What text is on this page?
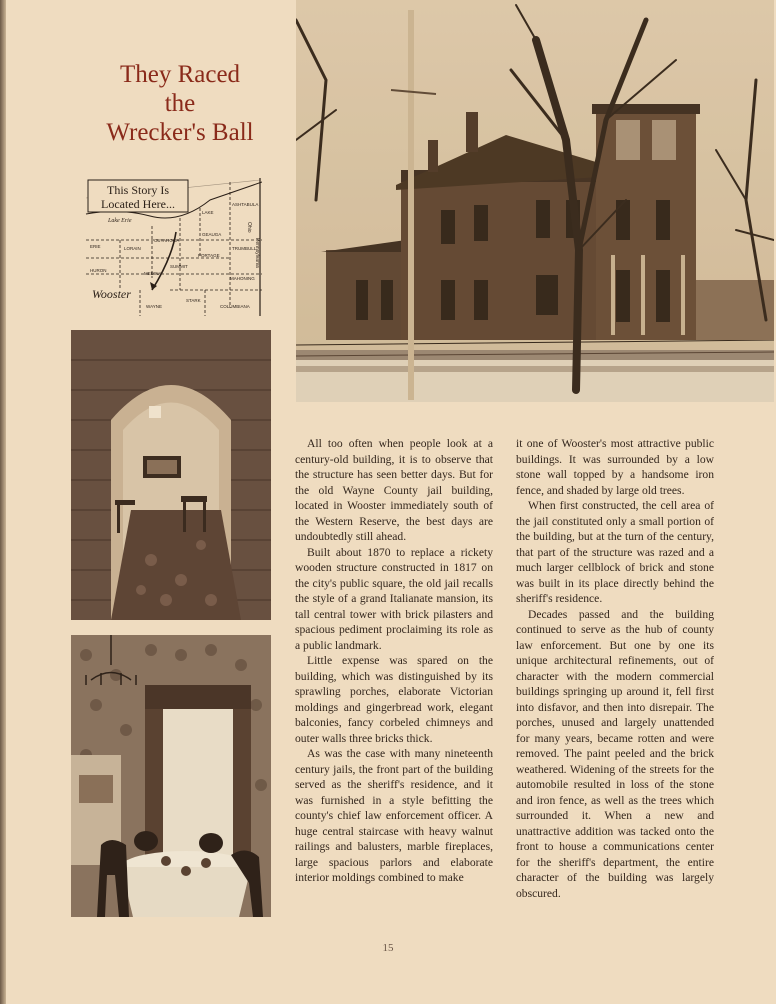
They Raced
the
Wrecker's Ball
This Story Is
Located Here...
Lake Erie
ASHTABULA
LAKE
GEAUGA
ERIE	LORAIN
CUYAHOGA
TRUMBULL
PORTAGE
HURON
MEDINA
SUMMIT
MAHONING
STARK
WAYNE	COLUMBIANA
Wooster
Pennsylvania
Ohio

All too often when people look at a century-old building, it is to observe that the structure has seen better days. But for the old Wayne County jail building, located in Wooster immediately south of the Western Reserve, the best days are undoubtedly still ahead.

Built about 1870 to replace a rickety wooden structure constructed in 1817 on the city's public square, the old jail recalls the style of a grand Italianate mansion, its tall central tower with brick pilasters and spacious pediment proclaiming its role as a public landmark.

Little expense was spared on the building, which was distinguished by its sprawling porches, elaborate Victorian moldings and gingerbread work, elegant balconies, fancy corbeled chimneys and outer walls three bricks thick.

As was the case with many nineteenth century jails, the front part of the building served as the sheriff's residence, and it was furnished in a style befitting the county's chief law enforcement officer. A huge central staircase with heavy walnut railings and balusters, marble fireplaces, large spacious parlors and elaborate interior moldings combined to make

it one of Wooster's most attractive public buildings. It was surrounded by a low stone wall topped by a handsome iron fence, and shaded by large old trees.

When first constructed, the cell area of the jail constituted only a small portion of the building, but at the turn of the century, that part of the structure was razed and a much larger cellblock of brick and stone was built in its place directly behind the sheriff's residence.

Decades passed and the building continued to serve as the hub of county law enforcement. But one by one its unique architectural refinements, out of character with the modern commercial buildings springing up around it, fell first into disfavor, and then into disrepair. The porches, unused and largely unattended for many years, became rotten and were removed. The paint peeled and the brick weathered. Widening of the streets for the automobile resulted in loss of the stone and iron fence, as well as the trees which surrounded it. When a new and unattractive addition was tacked onto the front to house a communications center for the sheriff's department, the entire character of the building was largely obscured.

15
